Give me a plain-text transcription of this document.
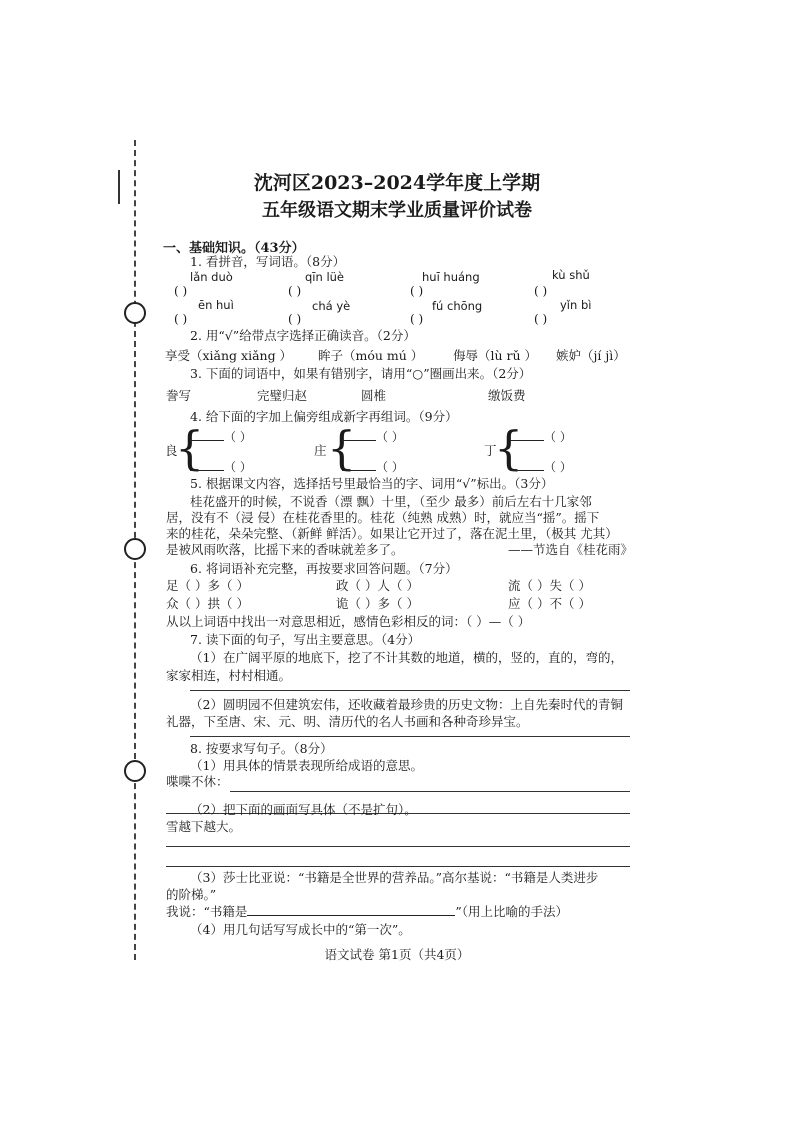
沈河区2023–2024学年度上学期
五年级语文期末学业质量评价试卷
一、基础知识。（43分）
1. 看拼音，写词语。（8分）
lǎn duò	qīn lüè	huī huáng	kù shǔ
( )	( )	( )	( )
ēn huì	chá yè	fú chōng	yǐn bì
( )	( )	( )	( )
2. 用“√”给带点字选择正确读音。（2分）
享受（xiǎng xiǎng ） 眸子（móu mú ） 侮辱（lù rǔ ） 嫉妒（jí jì）
3. 下面的词语中，如果有错别字，请用“○”圈画出来。（2分）
誊写	完璧归赵	圆椎	缴饭费
4. 给下面的字加上偏旁组成新字再组词。（9分）
良
{	（ ）
（ ）
庄 {	（ ）
（ ）
丁
{	（ ）
（ ）
5. 根据课文内容，选择括号里最恰当的字、词用“√”标出。（3分）
桂花盛开的时候，不说香（漂 飘）十里，（至少 最多）前后左右十几家邻
居，没有不（浸 侵）在桂花香里的。桂花（纯熟 成熟）时，就应当“摇”。摇下
来的桂花，朵朵完整、（新鲜 鲜活）。如果让它开过了，落在泥土里，（极其 尤其）
是被风雨吹落，比摇下来的香味就差多了。	——节选自《桂花雨》
6. 将词语补充完整，再按要求回答问题。（7分）
足（ ）多（ ）	政（ ）人（ ）	流（ ）失（ ）
众（ ）拱（ ）	诡（ ）多（ ）	应（ ）不（ ）
从以上词语中找出一对意思相近，感情色彩相反的词：（ ）—（ ）
7. 读下面的句子，写出主要意思。（4分）
（1）在广阔平原的地底下，挖了不计其数的地道，横的，竖的，直的，弯的，
家家相连，村村相通。
（2）圆明园不但建筑宏伟，还收藏着最珍贵的历史文物：上自先秦时代的青铜
礼器，下至唐、宋、元、明、清历代的名人书画和各种奇珍异宝。
8. 按要求写句子。（8分）
（1）用具体的情景表现所给成语的意思。
喋喋不休：
（2）把下面的画面写具体（不是扩句）。
雪越下越大。
（3）莎士比亚说：“书籍是全世界的营养品。”高尔基说：“书籍是人类进步
的阶梯。”
我说：“书籍是	”（用上比喻的手法）
（4）用几句话写写成长中的“第一次”。
语文试卷 第1页（共4页）
